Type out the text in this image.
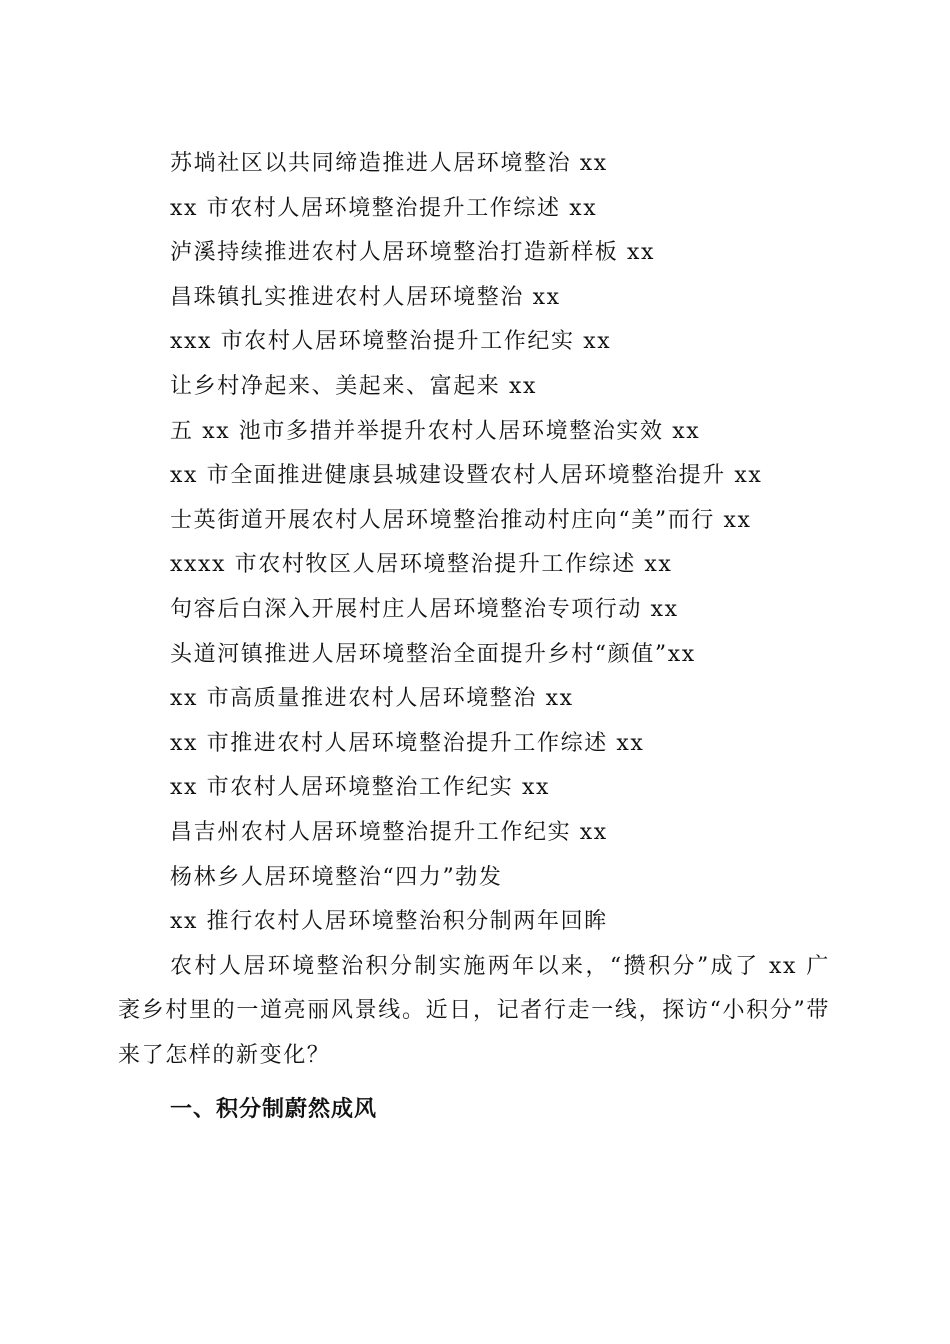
苏埫社区以共同缔造推进人居环境整治 xx
xx 市农村人居环境整治提升工作综述 xx
泸溪持续推进农村人居环境整治打造新样板 xx
昌珠镇扎实推进农村人居环境整治 xx
xxx 市农村人居环境整治提升工作纪实 xx
让乡村净起来、美起来、富起来 xx
五 xx 池市多措并举提升农村人居环境整治实效 xx
xx 市全面推进健康县城建设暨农村人居环境整治提升 xx
士英街道开展农村人居环境整治推动村庄向“美”而行 xx
xxxx 市农村牧区人居环境整治提升工作综述 xx
句容后白深入开展村庄人居环境整治专项行动 xx
头道河镇推进人居环境整治全面提升乡村“颜值”xx
xx 市高质量推进农村人居环境整治 xx
xx 市推进农村人居环境整治提升工作综述 xx
xx 市农村人居环境整治工作纪实 xx
昌吉州农村人居环境整治提升工作纪实 xx
杨林乡人居环境整治“四力”勃发
xx 推行农村人居环境整治积分制两年回眸

农村人居环境整治积分制实施两年以来，“攒积分”成了 xx 广袤乡村里的一道亮丽风景线。近日，记者行走一线，探访“小积分”带来了怎样的新变化？

一、积分制蔚然成风
